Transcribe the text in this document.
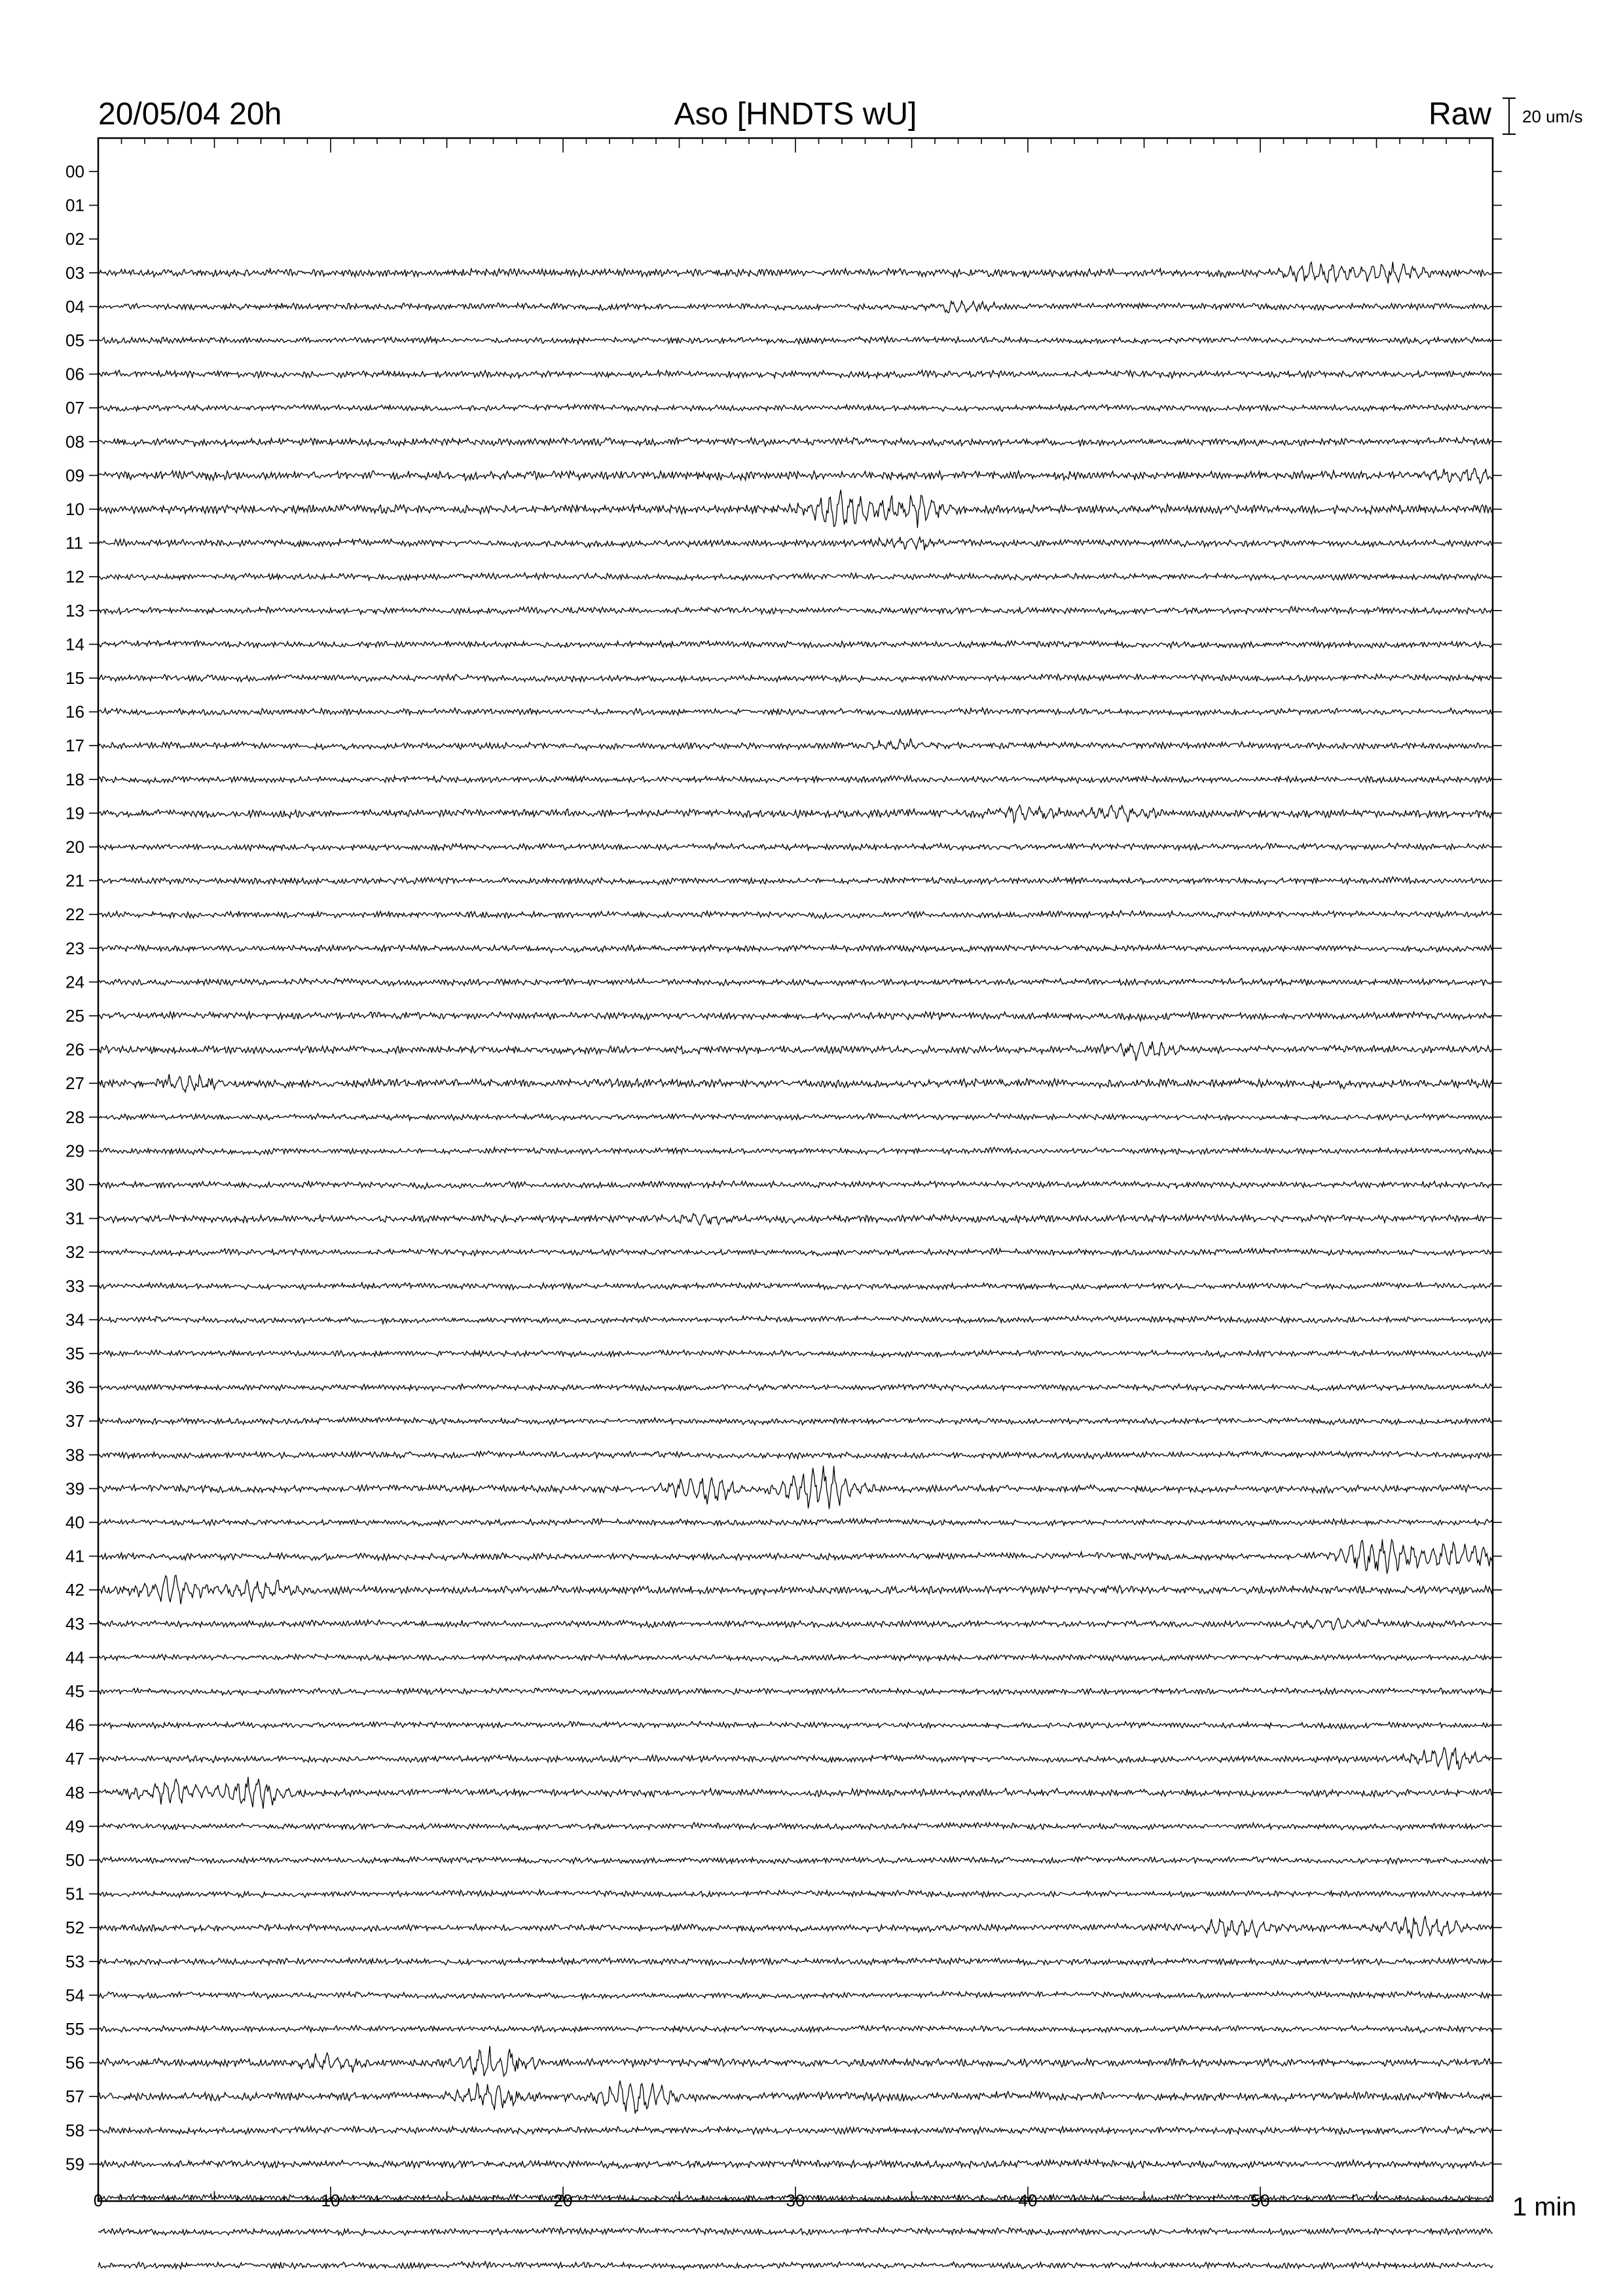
20/05/04 20h	Aso [HNDTS wU]	Raw 20 um/s
00
01
02
03
04
05
06
07
08
09
10
11
12
13
14
15
16
17
18
19
20
21
22
23
24
25
26
27
28
29
30
31
32
33
34
35
36
37
38
39
40
41
42
43
44
45
46
47
48
49
50
51
52
53
54
55
56
57
58
59
0	10	20	30	40	50	1 min
